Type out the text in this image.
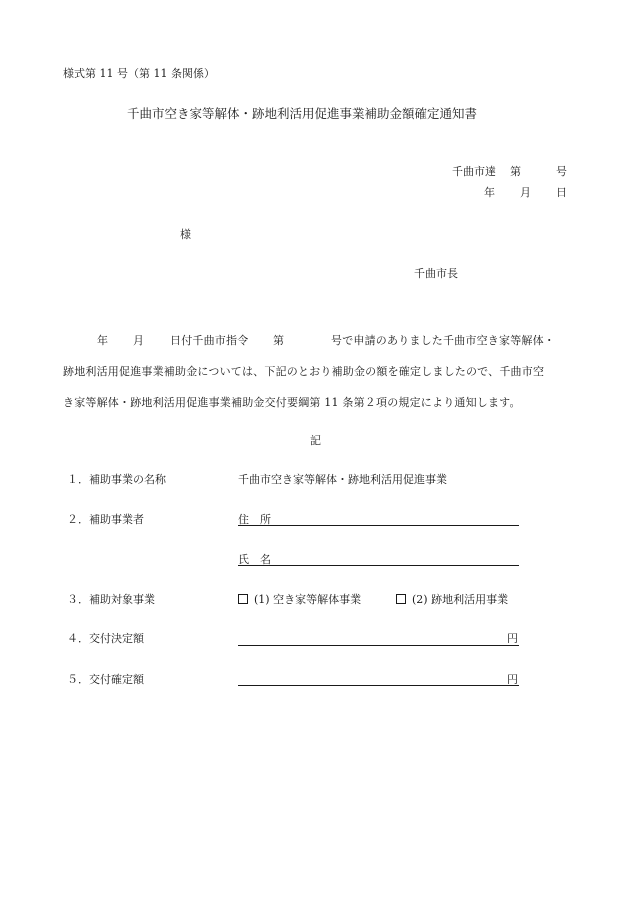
様式第 11 号（第 11 条関係）
千曲市空き家等解体・跡地利活用促進事業補助金額確定通知書
千曲市達 第	号
年 月 日
様
千曲市長
年 月 日付千曲市指令 第	号で申請のありました千曲市空き家等解体・
跡地利活用促進事業補助金については、下記のとおり補助金の額を確定しましたので、千曲市空
き家等解体・跡地利活用促進事業補助金交付要綱第 11 条第２項の規定により通知します。
記
１．補助事業の名称	千曲市空き家等解体・跡地利活用促進事業
２．補助事業者	住　所
氏　名
３．補助対象事業	(1) 空き家等解体事業	(2) 跡地利活用事業
４．交付決定額	円
５．交付確定額	円
